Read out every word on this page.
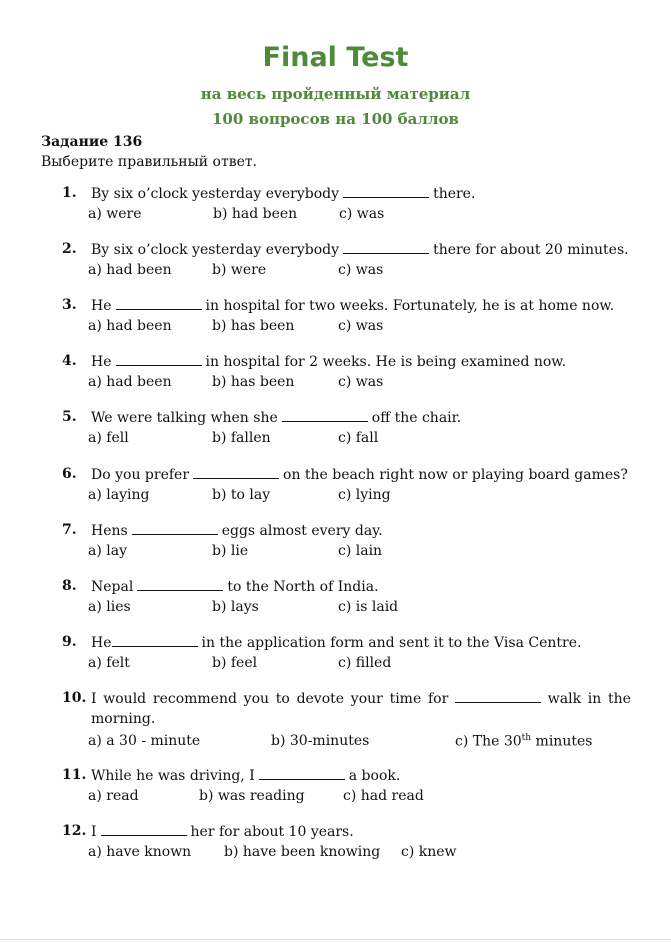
Final Test
на весь пройденный материал
100 вопросов на 100 баллов
Задание 136
Выберите правильный ответ.
1.	By six o’clock yesterday everybody	there.
a) were	b) had been	c) was
2.	By six o’clock yesterday everybody	there for about 20 minutes.
a) had been	b) were	c) was
3.	He	in hospital for two weeks. Fortunately, he is at home now.
a) had been	b) has been	c) was
4.	He	in hospital for 2 weeks. He is being examined now.
a) had been	b) has been	c) was
5.	We were talking when she	off the chair.
a) fell	b) fallen	c) fall
6.	Do you prefer	on the beach right now or playing board games?
a) laying	b) to lay	c) lying
7.	Hens	eggs almost every day.
a) lay	b) lie	c) lain
8.	Nepal	to the North of India.
a) lies	b) lays	c) is laid
9.	He	in the application form and sent it to the Visa Centre.
a) felt	b) feel	c) filled
10. I would recommend you to devote your time for	walk in the
morning.
a) a 30 - minute	b) 30-minutes	c) The 30th minutes
11. While he was driving, I	a book.
a) read	b) was reading	c) had read
12. I	her for about 10 years.
a) have known b) have been knowing c) knew
